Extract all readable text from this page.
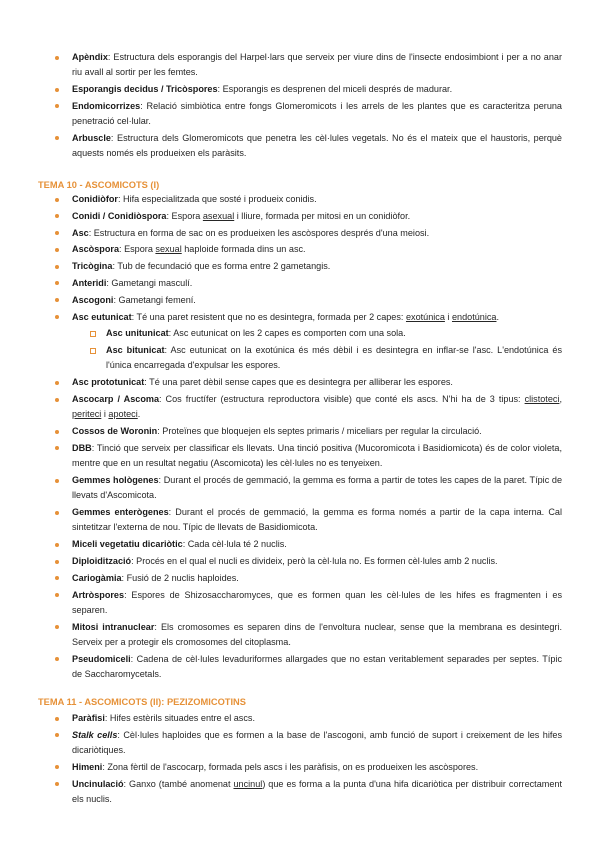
Apèndix: Estructura dels esporangis del Harpel·lars que serveix per viure dins de l'insecte endosimbiont i per a no anar riu avall al sortir per les femtes.
Esporangis decidus / Tricòspores: Esporangis es desprenen del miceli després de madurar.
Endomicorrizes: Relació simbiòtica entre fongs Glomeromicots i les arrels de les plantes que es caracteritza peruna penetració cel·lular.
Arbuscle: Estructura dels Glomeromicots que penetra les cèl·lules vegetals. No és el mateix que el haustoris, perquè aquests només els produeixen els paràsits.
TEMA 10 - ASCOMICOTS (I)
Conidiòfor: Hifa especialitzada que sosté i produeix conidis.
Conidi / Conidiòspora: Espora asexual i lliure, formada per mitosi en un conidiòfor.
Asc: Estructura en forma de sac on es produeixen les ascòspores després d'una meiosi.
Ascòspora: Espora sexual haploide formada dins un asc.
Tricògina: Tub de fecundació que es forma entre 2 gametangis.
Anteridi: Gametangi masculí.
Ascogoni: Gametangi femení.
Asc eutunicat: Té una paret resistent que no es desintegra, formada per 2 capes: exotúnica i endotúnica.
Asc unitunicat: Asc eutunicat on les 2 capes es comporten com una sola.
Asc bitunicat: Asc eutunicat on la exotúnica és més dèbil i es desintegra en inflar-se l'asc. L'endotúnica és l'única encarregada d'expulsar les espores.
Asc prototunicat: Té una paret dèbil sense capes que es desintegra per alliberar les espores.
Ascocarp / Ascoma: Cos fructífer (estructura reproductora visible) que conté els ascs. N'hi ha de 3 tipus: clistoteci, periteci i apoteci.
Cossos de Woronin: Proteïnes que bloquejen els septes primaris / miceliars per regular la circulació.
DBB: Tinció que serveix per classificar els llevats. Una tinció positiva (Mucoromicota i Basidiomicota) és de color violeta, mentre que en un resultat negatiu (Ascomicota) les cèl·lules no es tenyeixen.
Gemmes hològenes: Durant el procés de gemmació, la gemma es forma a partir de totes les capes de la paret. Típic de llevats d'Ascomicota.
Gemmes enterògenes: Durant el procés de gemmació, la gemma es forma només a partir de la capa interna. Cal sintetitzar l'externa de nou. Típic de llevats de Basidiomicota.
Miceli vegetatiu dicariòtic: Cada cèl·lula té 2 nuclis.
Diploidització: Procés en el qual el nucli es divideix, però la cèl·lula no. Es formen cèl·lules amb 2 nuclis.
Cariogàmia: Fusió de 2 nuclis haploides.
Artròspores: Espores de Shizosaccharomyces, que es formen quan les cèl·lules de les hifes es fragmenten i es separen.
Mitosi intranuclear: Els cromosomes es separen dins de l'envoltura nuclear, sense que la membrana es desintegri. Serveix per a protegir els cromosomes del citoplasma.
Pseudomiceli: Cadena de cèl·lules levaduriformes allargades que no estan veritablement separades per septes. Típic de Saccharomycetals.
TEMA 11 - ASCOMICOTS (II): PEZIZOMICOTINS
Paràfisi: Hifes estèrils situades entre el ascs.
Stalk cells: Cèl·lules haploides que es formen a la base de l'ascogoni, amb funció de suport i creixement de les hifes dicariòtiques.
Himeni: Zona fèrtil de l'ascocarp, formada pels ascs i les paràfisis, on es produeixen les ascòspores.
Uncinulació: Ganxo (també anomenat uncinul) que es forma a la punta d'una hifa dicariòtica per distribuir correctament els nuclis.
